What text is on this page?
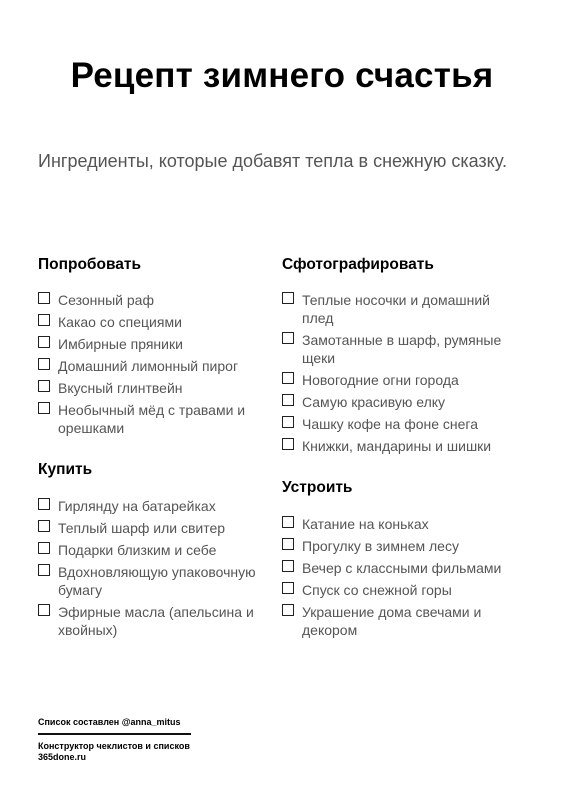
Рецепт зимнего счастья
Ингредиенты, которые добавят тепла в снежную сказку.
Попробовать
Сезонный раф
Какао со специями
Имбирные пряники
Домашний лимонный пирог
Вкусный глинтвейн
Необычный мёд с травами и орешками
Купить
Гирлянду на батарейках
Теплый шарф или свитер
Подарки близким и себе
Вдохновляющую упаковочную бумагу
Эфирные масла (апельсина и хвойных)
Сфотографировать
Теплые носочки и домашний плед
Замотанные в шарф, румяные щеки
Новогодние огни города
Самую красивую елку
Чашку кофе на фоне снега
Книжки, мандарины и шишки
Устроить
Катание на коньках
Прогулку в зимнем лесу
Вечер с классными фильмами
Спуск со снежной горы
Украшение дома свечами и декором
Список составлен @anna_mitus
Конструктор чеклистов и списков
365done.ru
